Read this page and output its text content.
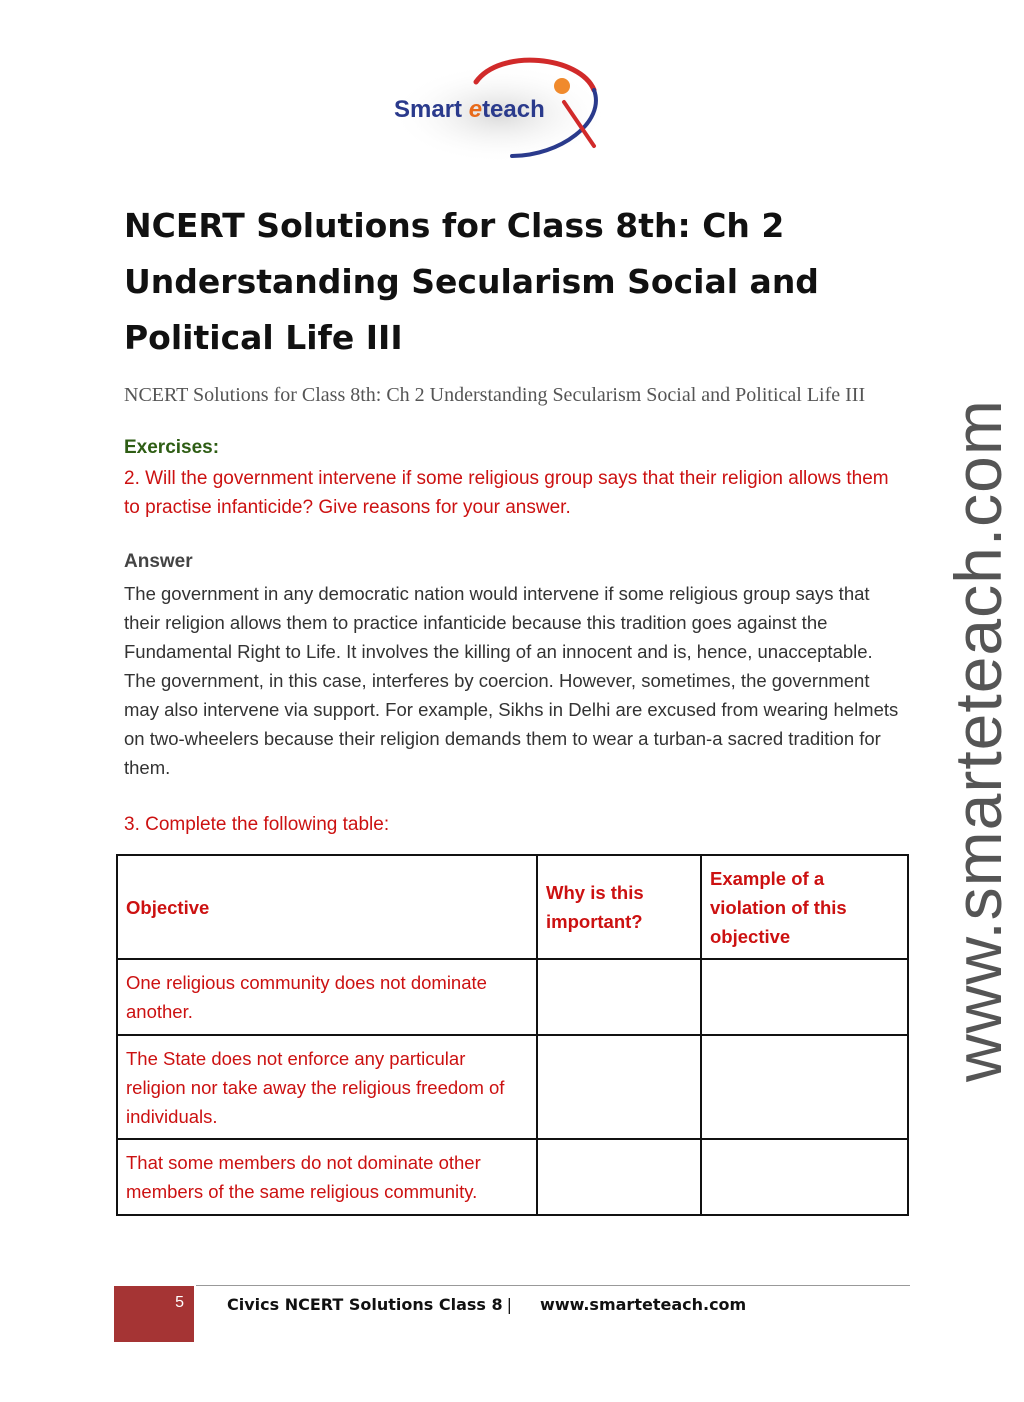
Smart eteach
NCERT Solutions for Class 8th: Ch 2 Understanding Secularism Social and Political Life III

NCERT Solutions for Class 8th: Ch 2 Understanding Secularism Social and Political Life III

Exercises:

2. Will the government intervene if some religious group says that their religion allows them to practise infanticide? Give reasons for your answer.

Answer

The government in any democratic nation would intervene if some religious group says that their religion allows them to practice infanticide because this tradition goes against the Fundamental Right to Life. It involves the killing of an innocent and is, hence, unacceptable. The government, in this case, interferes by coercion. However, sometimes, the government may also intervene via support. For example, Sikhs in Delhi are excused from wearing helmets on two-wheelers because their religion demands them to wear a turban-a sacred tradition for them.

3. Complete the following table:

Objective	Why is this important?	Example of a violation of this objective
One religious community does not dominate another.		
The State does not enforce any particular religion nor take away the religious freedom of individuals.		
That some members do not dominate other members of the same religious community.		
www.smarteteach.com
5	Civics NCERT Solutions Class 8 | www.smarteteach.com
